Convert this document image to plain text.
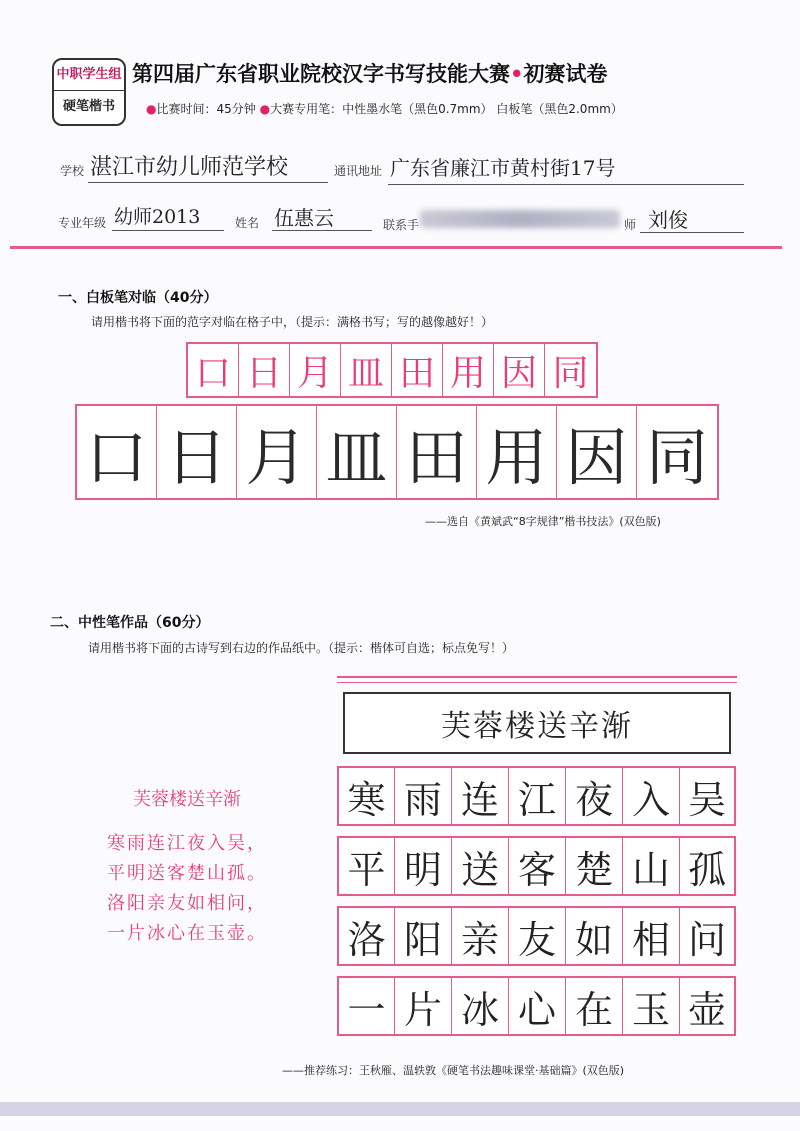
中职学生组
硬笔楷书
第四届广东省职业院校汉字书写技能大赛•初赛试卷
●比赛时间：45分钟 ●大赛专用笔：中性墨水笔（黑色0.7mm） 白板笔（黑色2.0mm）
学校 湛江市幼儿师范学校	通讯地址 广东省廉江市黄村街17号
专业年级 幼师2013	姓名 伍惠云	联系手	师 刘俊
一、白板笔对临（40分）
请用楷书将下面的范字对临在格子中，（提示：满格书写；写的越像越好！）
口 日 月 皿 田 用 因 同
口 日 月 皿 田 用 因 同
——选自《黄斌武“8字规律”楷书技法》(双色版)
二、中性笔作品（60分）
请用楷书将下面的古诗写到右边的作品纸中。（提示：楷体可自选；标点免写！）
芙蓉楼送辛渐
寒雨连江夜入吴，
平明送客楚山孤。
洛阳亲友如相问，
一片冰心在玉壶。
芙蓉楼送辛渐
寒 雨 连 江 夜 入 吴
平 明 送 客 楚 山 孤
洛 阳 亲 友 如 相 问
一 片 冰 心 在 玉 壶
——推荐练习：王秋雁、温轶敦《硬笔书法趣味课堂·基础篇》(双色版)
